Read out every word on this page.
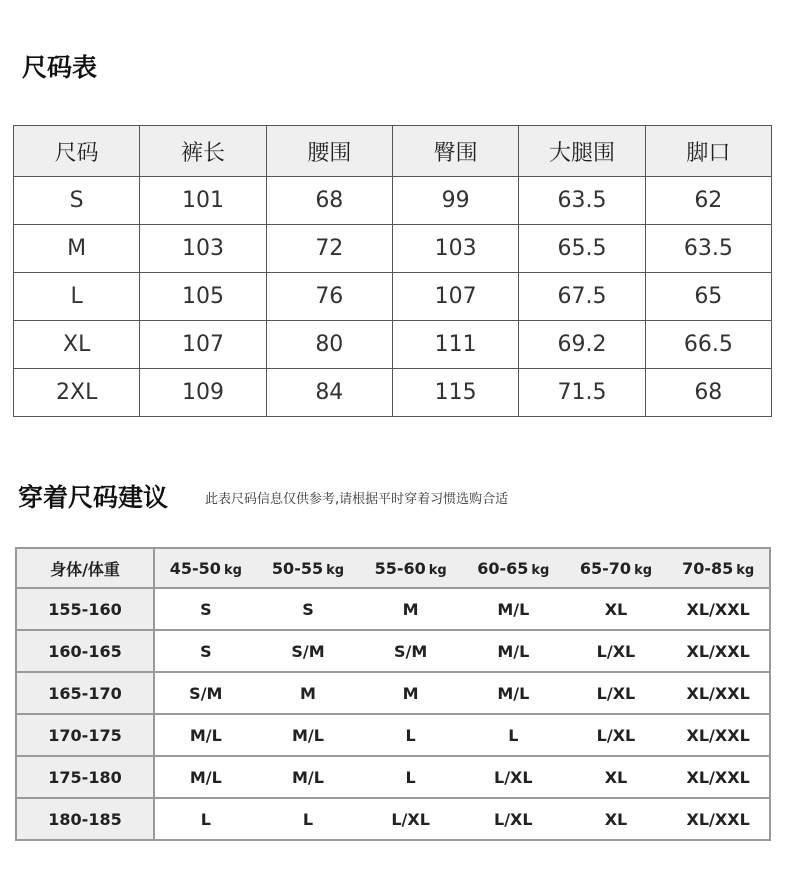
尺码表
尺码	裤长	腰围	臀围	大腿围	脚口
S	101	68	99	63.5	62
M	103	72	103	65.5	63.5
L	105	76	107	67.5	65
XL	107	80	111	69.2	66.5
2XL	109	84	115	71.5	68
穿着尺码建议	此表尺码信息仅供参考,请根据平时穿着习惯选购合适
身体/体重	45-50 kg	50-55 kg	55-60 kg	60-65 kg	65-70 kg	70-85 kg
155-160	S	S	M	M/L	XL	XL/XXL
160-165	S	S/M	S/M	M/L	L/XL	XL/XXL
165-170	S/M	M	M	M/L	L/XL	XL/XXL
170-175	M/L	M/L	L	L	L/XL	XL/XXL
175-180	M/L	M/L	L	L/XL	XL	XL/XXL
180-185	L	L	L/XL	L/XL	XL	XL/XXL
